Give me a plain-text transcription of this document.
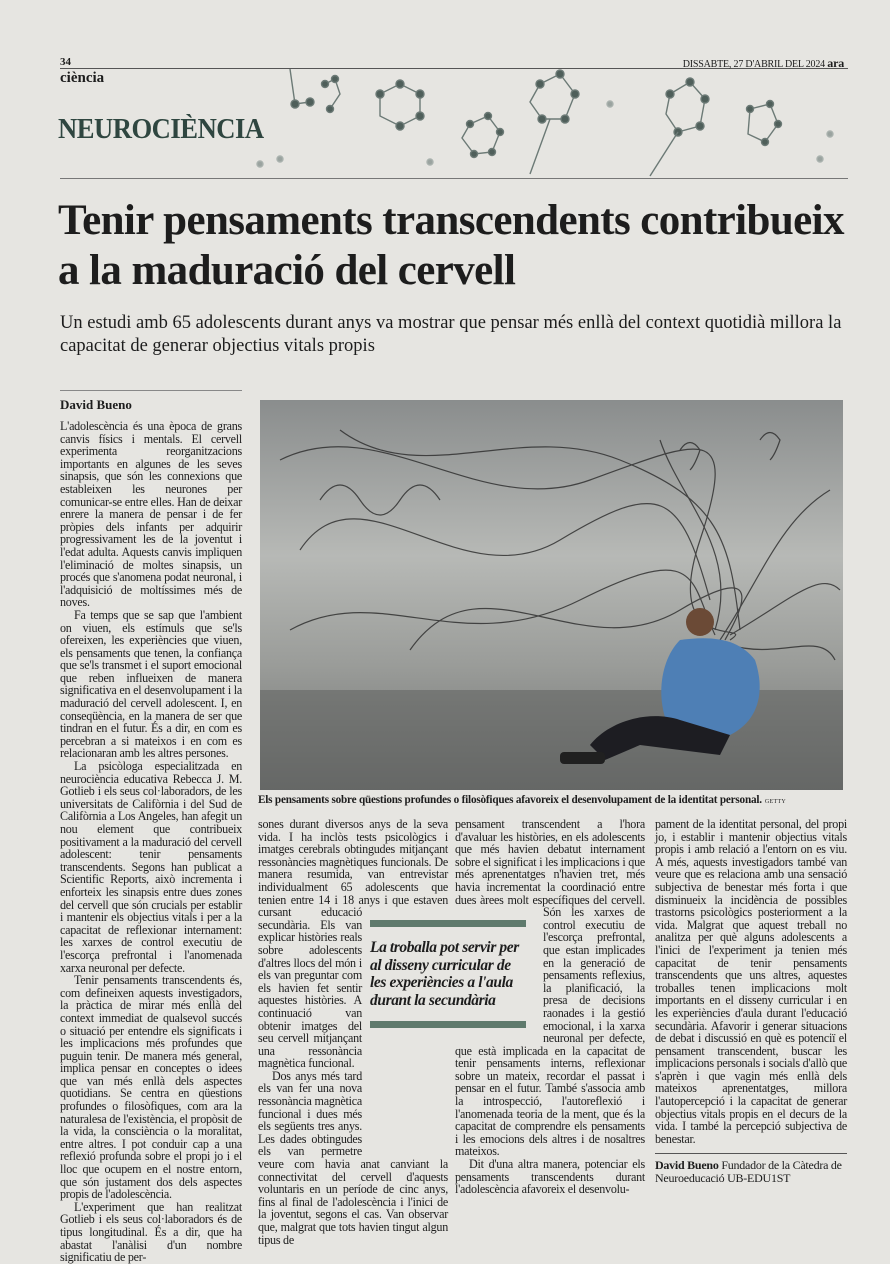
34
ciència
DISSABTE, 27 D'ABRIL DEL 2024 ara
NEUROCIÈNCIA
Tenir pensaments transcendents contribueix a la maduració del cervell

Un estudi amb 65 adolescents durant anys va mostrar que pensar més enllà del context quotidià millora la capacitat de generar objectius vitals propis

David Bueno

L'adolescència és una època de grans canvis físics i mentals. El cervell experimenta reorganitzacions importants en algunes de les seves sinapsis, que són les connexions que estableixen les neurones per comunicar-se entre elles. Han de deixar enrere la manera de pensar i de fer pròpies dels infants per adquirir progressivament les de la joventut i l'edat adulta. Aquests canvis impliquen l'eliminació de moltes sinapsis, un procés que s'anomena podat neuronal, i l'adquisició de moltíssimes més de noves.

Fa temps que se sap que l'ambient on viuen, els estímuls que se'ls ofereixen, les experiències que viuen, els pensaments que tenen, la confiança que se'ls transmet i el suport emocional que reben influeixen de manera significativa en el desenvolupament i la maduració del cervell adolescent. I, en conseqüència, en la manera de ser que tindran en el futur. És a dir, en com es percebran a si mateixos i en com es relacionaran amb les altres persones.

La psicòloga especialitzada en neurociència educativa Rebecca J. M. Gotlieb i els seus col·laboradors, de les universitats de Califòrnia i del Sud de Califòrnia a Los Angeles, han afegit un nou element que contribueix positivament a la maduració del cervell adolescent: tenir pensaments transcendents. Segons han publicat a Scientific Reports, això incrementa i enforteix les sinapsis entre dues zones del cervell que són crucials per establir i mantenir els objectius vitals i per a la capacitat de reflexionar internament: les xarxes de control executiu de l'escorça prefrontal i l'anomenada xarxa neuronal per defecte.

Tenir pensaments transcendents és, com defineixen aquests investigadors, la pràctica de mirar més enllà del context immediat de qualsevol succés o situació per entendre els significats i les implicacions més profundes que puguin tenir. De manera més general, implica pensar en conceptes o idees que van més enllà dels aspectes quotidians. Se centra en qüestions profundes o filosòfiques, com ara la naturalesa de l'existència, el propòsit de la vida, la consciència o la moralitat, entre altres. I pot conduir cap a una reflexió profunda sobre el propi jo i el lloc que ocupem en el nostre entorn, que són justament dos dels aspectes propis de l'adolescència.

L'experiment que han realitzat Gotlieb i els seus col·laboradors és de tipus longitudinal. És a dir, que ha abastat l'anàlisi d'un nombre significatiu de per-

Els pensaments sobre qüestions profundes o filosòfiques afavoreix el desenvolupament de la identitat personal. GETTY

sones durant diversos anys de la seva vida. I ha inclòs tests psicològics i imatges cerebrals obtingudes mitjançant ressonàncies magnètiques funcionals. De manera resumida, van entrevistar individualment 65 adolescents que tenien entre 14 i 18 anys i que estaven cursant educació secundària. Els van explicar històries reals sobre adolescents d'altres llocs del món i els van preguntar com els havien fet sentir aquestes històries. A continuació van obtenir imatges del seu cervell mitjançant una ressonància magnètica funcional.

Dos anys més tard els van fer una nova ressonància magnètica funcional i dues més els següents tres anys. Les dades obtingudes els van permetre veure com havia anat canviant la connectivitat del cervell d'aquests voluntaris en un període de cinc anys, fins al final de l'adolescència i l'inici de la joventut, segons el cas. Van observar que, malgrat que tots havien tingut algun tipus de

pensament transcendent a l'hora d'avaluar les històries, en els adolescents que més havien debatut internament sobre el significat i les implicacions i que més aprenentatges n'havien tret, més havia incrementat la coordinació entre dues àrees molt específiques del cervell. Són les xarxes de control executiu de l'escorça prefrontal, que estan implicades en la generació de pensaments reflexius, la planificació, la presa de decisions raonades i la gestió emocional, i la xarxa neuronal per defecte, que està implicada en la capacitat de tenir pensaments interns, reflexionar sobre un mateix, recordar el passat i pensar en el futur. També s'associa amb la introspecció, l'autoreflexió i l'anomenada teoria de la ment, que és la capacitat de comprendre els pensaments i les emocions dels altres i de nosaltres mateixos.

Dit d'una altra manera, potenciar els pensaments transcendents durant l'adolescència afavoreix el desenvolu-

La troballa pot servir per al disseny curricular de les experiències a l'aula durant la secundària

pament de la identitat personal, del propi jo, i establir i mantenir objectius vitals propis i amb relació a l'entorn on es viu. A més, aquests investigadors també van veure que es relaciona amb una sensació subjectiva de benestar més forta i que disminueix la incidència de possibles trastorns psicològics posteriorment a la vida. Malgrat que aquest treball no analitza per què alguns adolescents a l'inici de l'experiment ja tenien més capacitat de tenir pensaments transcendents que uns altres, aquestes troballes tenen implicacions molt importants en el disseny curricular i en les experiències d'aula durant l'educació secundària. Afavorir i generar situacions de debat i discussió en què es potenciï el pensament transcendent, buscar les implicacions personals i socials d'allò que s'aprèn i que vagin més enllà dels mateixos aprenentatges, millora l'autopercepció i la capacitat de generar objectius vitals propis en el decurs de la vida. I també la percepció subjectiva de benestar.

David Bueno Fundador de la Càtedra de Neuroeducació UB-EDU1ST
